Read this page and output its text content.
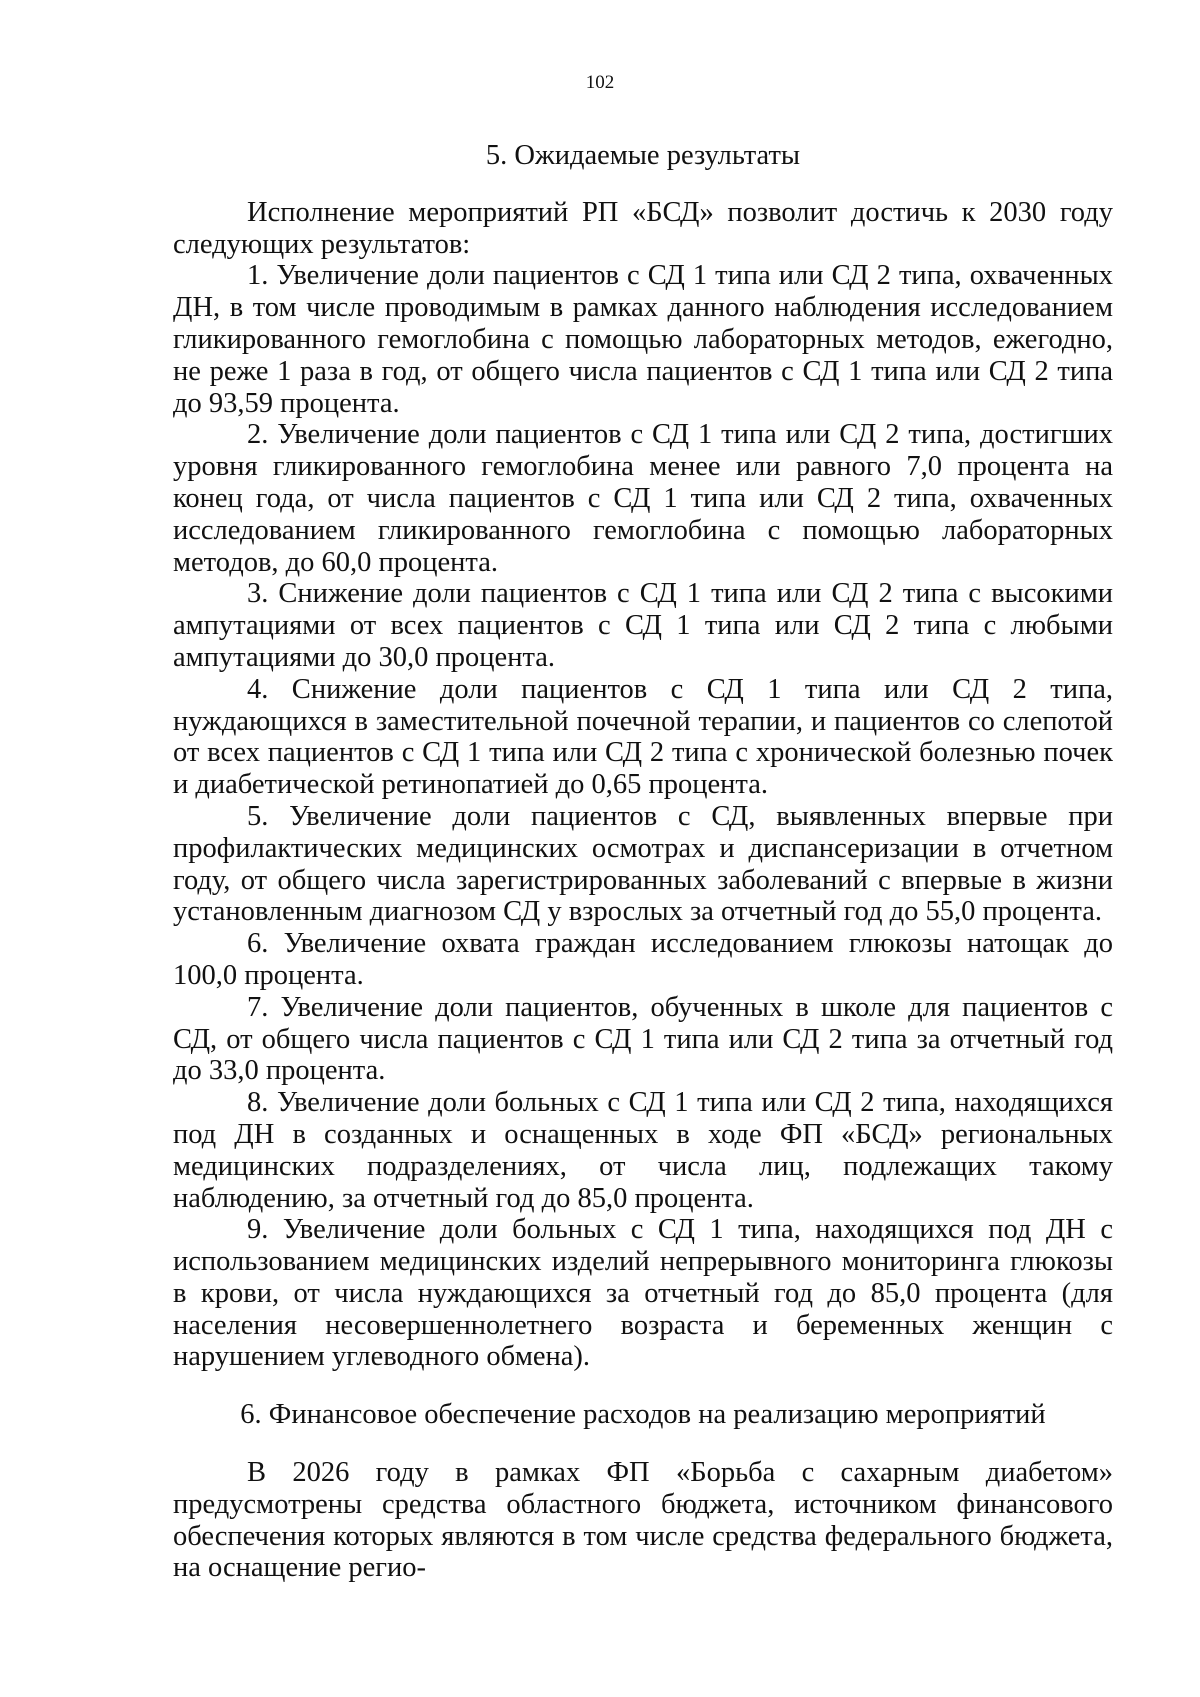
102

5. Ожидаемые результаты

Исполнение мероприятий РП «БСД» позволит достичь к 2030 году следующих результатов:

1. Увеличение доли пациентов с СД 1 типа или СД 2 типа, охваченных ДН, в том числе проводимым в рамках данного наблюдения исследованием гликированного гемоглобина с помощью лабораторных методов, ежегодно, не реже 1 раза в год, от общего числа пациентов с СД 1 типа или СД 2 типа до 93,59 процента.

2. Увеличение доли пациентов с СД 1 типа или СД 2 типа, достигших уровня гликированного гемоглобина менее или равного 7,0 процента на конец года, от числа пациентов с СД 1 типа или СД 2 типа, охваченных исследованием гликированного гемоглобина с помощью лабораторных методов, до 60,0 процента.

3. Снижение доли пациентов с СД 1 типа или СД 2 типа с высокими ампутациями от всех пациентов с СД 1 типа или СД 2 типа с любыми ампутациями до 30,0 процента.

4. Снижение доли пациентов с СД 1 типа или СД 2 типа, нуждающихся в заместительной почечной терапии, и пациентов со слепотой от всех пациентов с СД 1 типа или СД 2 типа с хронической болезнью почек и диабетической ретинопатией до 0,65 процента.

5. Увеличение доли пациентов с СД, выявленных впервые при профилактических медицинских осмотрах и диспансеризации в отчетном году, от общего числа зарегистрированных заболеваний с впервые в жизни установленным диагнозом СД у взрослых за отчетный год до 55,0 процента.

6. Увеличение охвата граждан исследованием глюкозы натощак до 100,0 процента.

7. Увеличение доли пациентов, обученных в школе для пациентов с СД, от общего числа пациентов с СД 1 типа или СД 2 типа за отчетный год до 33,0 процента.

8. Увеличение доли больных с СД 1 типа или СД 2 типа, находящихся под ДН в созданных и оснащенных в ходе ФП «БСД» региональных медицинских подразделениях, от числа лиц, подлежащих такому наблюдению, за отчетный год до 85,0 процента.

9. Увеличение доли больных с СД 1 типа, находящихся под ДН с использованием медицинских изделий непрерывного мониторинга глюкозы в крови, от числа нуждающихся за отчетный год до 85,0 процента (для населения несовершеннолетнего возраста и беременных женщин с нарушением углеводного обмена).

6. Финансовое обеспечение расходов на реализацию мероприятий

В 2026 году в рамках ФП «Борьба с сахарным диабетом» предусмотрены средства областного бюджета, источником финансового обеспечения которых являются в том числе средства федерального бюджета, на оснащение регио-
